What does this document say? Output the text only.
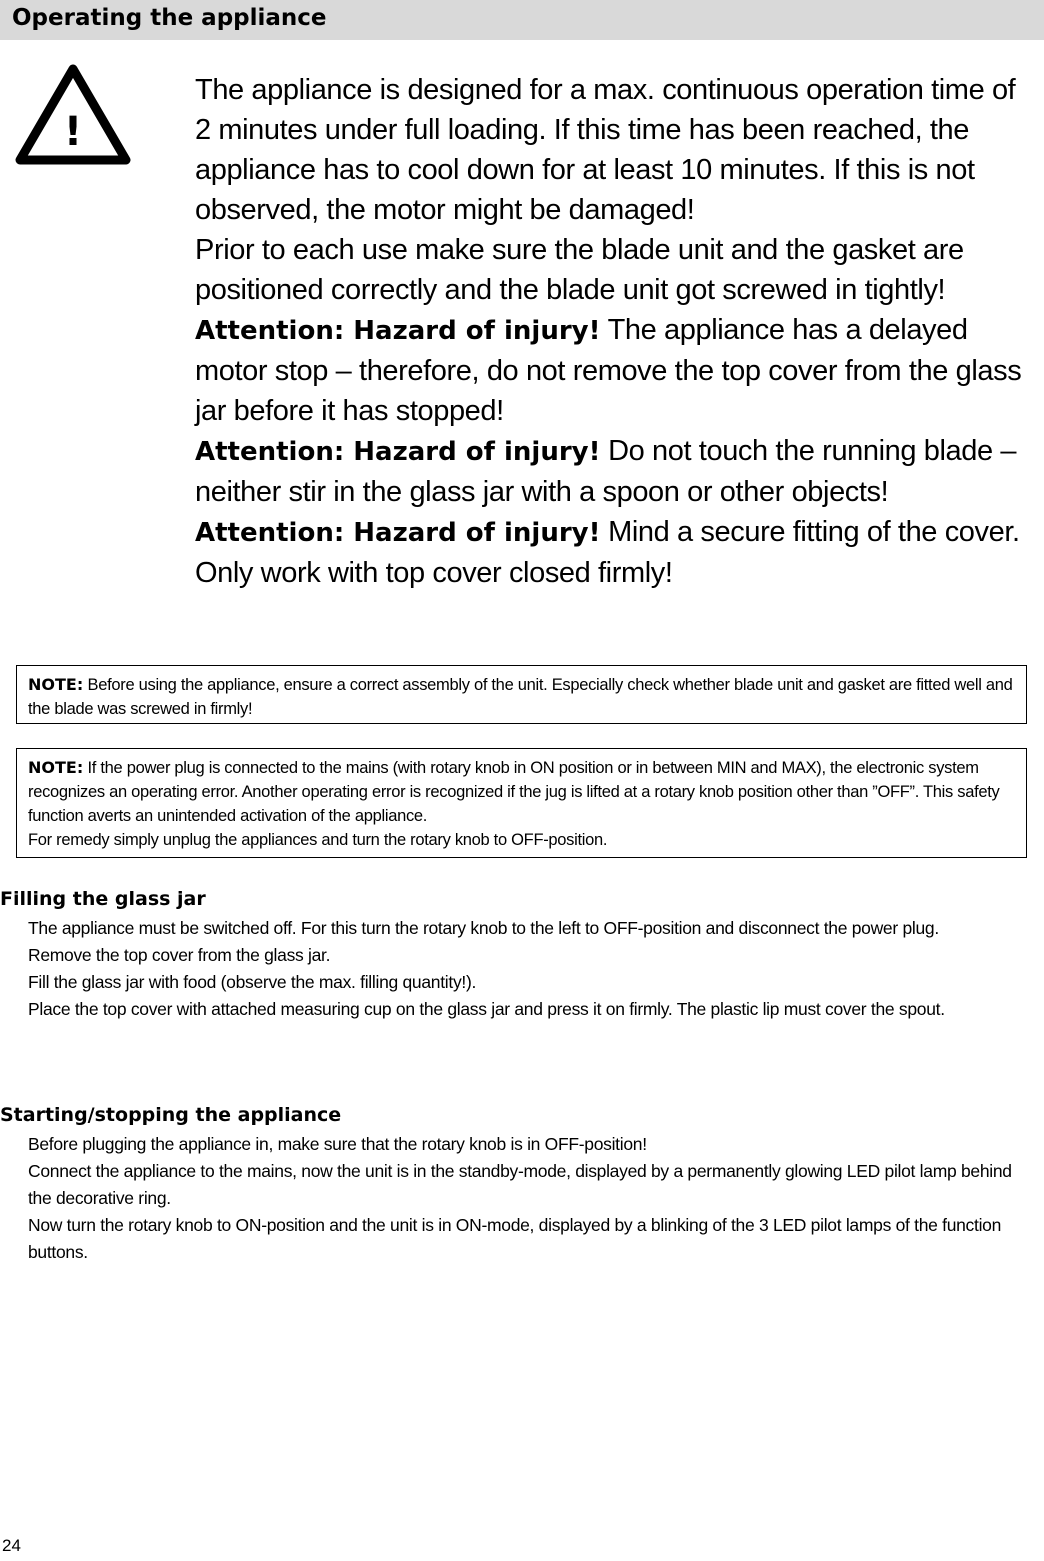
Operating the appliance
!

The appliance is designed for a max. continuous operation time of 2 minutes under full loading. If this time has been reached, the appliance has to cool down for at least 10 minutes. If this is not observed, the motor might be damaged!

Prior to each use make sure the blade unit and the gasket are positioned correctly and the blade unit got screwed in tightly!

Attention: Hazard of injury! The appliance has a delayed motor stop – therefore, do not remove the top cover from the glass jar before it has stopped!

Attention: Hazard of injury! Do not touch the running blade – neither stir in the glass jar with a spoon or other objects!

Attention: Hazard of injury! Mind a secure fitting of the cover. Only work with top cover closed firmly!

NOTE: Before using the appliance, ensure a correct assembly of the unit. Especially check whether blade unit and gasket are fitted well and the blade was screwed in firmly!
NOTE: If the power plug is connected to the mains (with rotary knob in ON position or in between MIN and MAX), the electronic system recognizes an operating error. Another operating error is recognized if the jug is lifted at a rotary knob position other than ”OFF”. This safety function averts an unintended activation of the appliance.
For remedy simply unplug the appliances and turn the rotary knob to OFF-position.
Filling the glass jar

The appliance must be switched off. For this turn the rotary knob to the left to OFF-position and disconnect the power plug.

Remove the top cover from the glass jar.

Fill the glass jar with food (observe the max. filling quantity!).

Place the top cover with attached measuring cup on the glass jar and press it on firmly. The plastic lip must cover the spout.

Starting/stopping the appliance

Before plugging the appliance in, make sure that the rotary knob is in OFF-position!

Connect the appliance to the mains, now the unit is in the standby-mode, displayed by a permanently glowing LED pilot lamp behind the decorative ring.

Now turn the rotary knob to ON-position and the unit is in ON-mode, displayed by a blinking of the 3 LED pilot lamps of the function buttons.

24
